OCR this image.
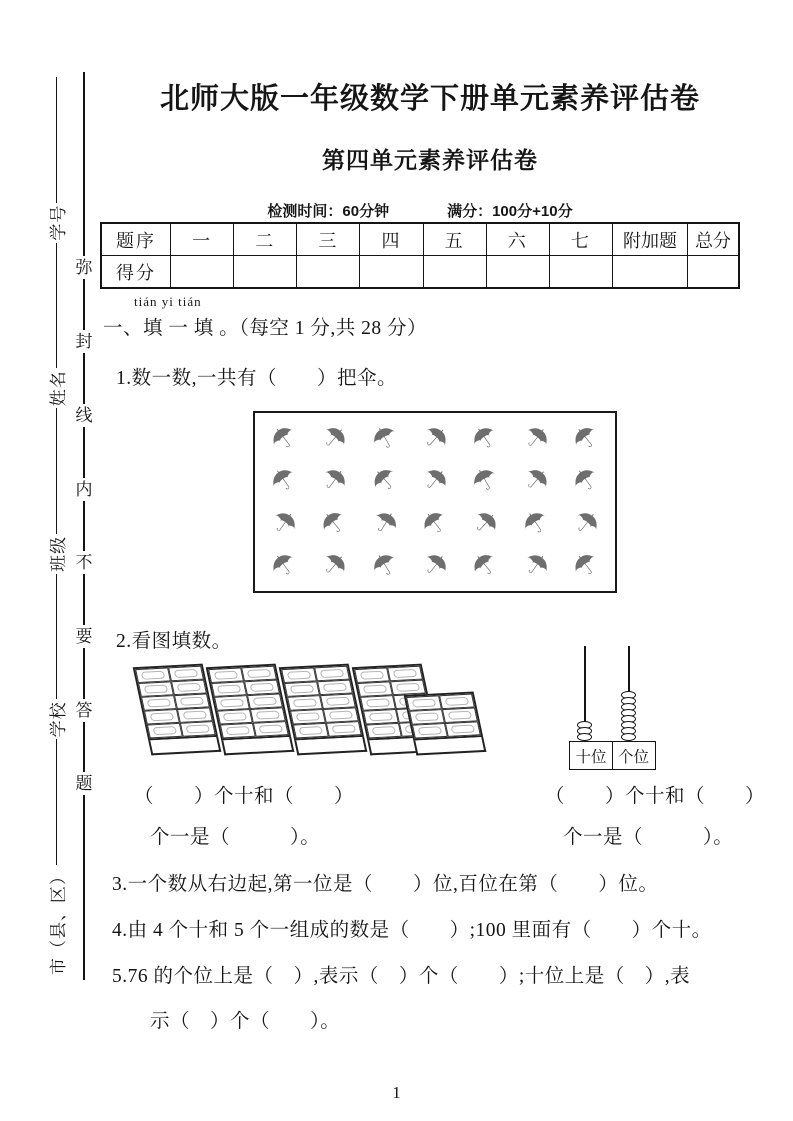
市（县、区）
学校
班级
姓名
学号
弥
封
线
内
不
要
答
题
北师大版一年级数学下册单元素养评估卷
第四单元素养评估卷
检测时间：60分钟	满分：100分+10分
题序	一	二	三	四	五	六	七	附加题	总分
得分									
tián yi tián
一、填 一 填 。（每空 1 分,共 28 分）
1.数一数,一共有（　　）把伞。
☂ ☂ ☂ ☂ ☂ ☂ ☂
☂ ☂ ☂ ☂ ☂ ☂ ☂
☂ ☂ ☂ ☂ ☂ ☂ ☂
☂ ☂ ☂ ☂ ☂ ☂ ☂
2.看图填数。
十位 个位
（　　）个十和（　　）
个一是（　　　）。
（　　）个十和（　　）
个一是（　　　）。
3.一个数从右边起,第一位是（　　）位,百位在第（　　）位。
4.由 4 个十和 5 个一组成的数是（　　）;100 里面有（　　）个十。
5.76 的个位上是（　）,表示（　）个（　　）;十位上是（　）,表
示（　）个（　　）。
1
